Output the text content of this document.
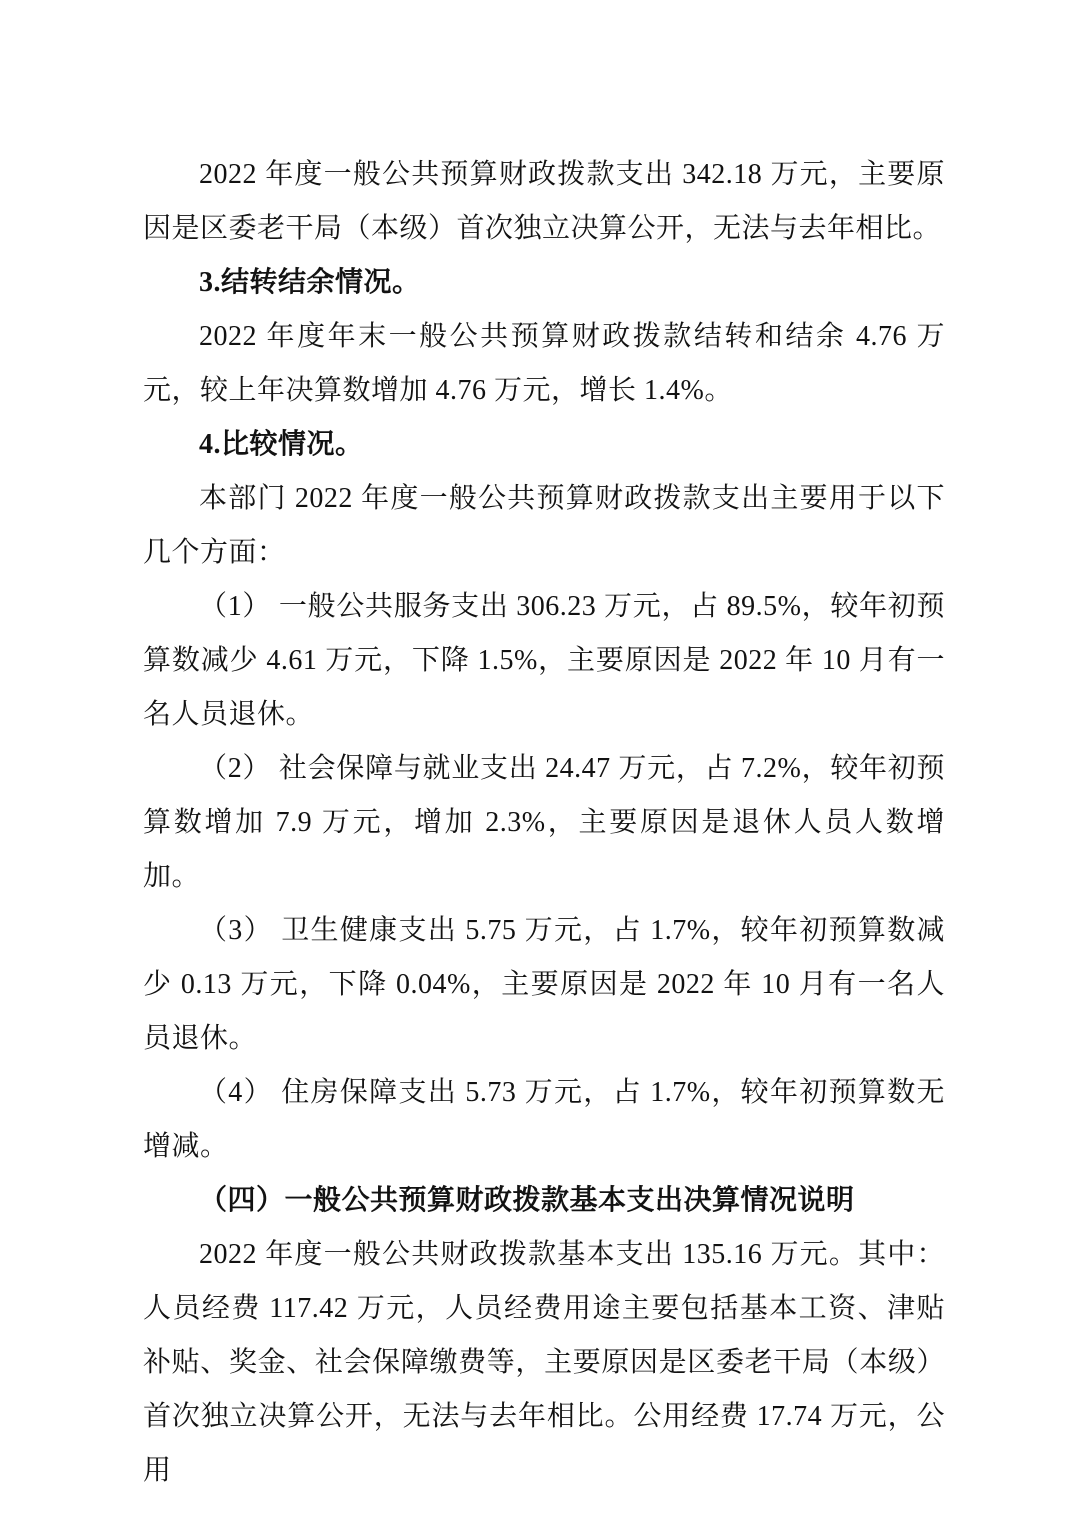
2022 年度一般公共预算财政拨款支出 342.18 万元，主要原因是区委老干局（本级）首次独立决算公开，无法与去年相比。

3.结转结余情况。

2022 年度年末一般公共预算财政拨款结转和结余 4.76 万元，较上年决算数增加 4.76 万元，增长 1.4%。

4.比较情况。

本部门 2022 年度一般公共预算财政拨款支出主要用于以下几个方面：

（1） 一般公共服务支出 306.23 万元，占 89.5%，较年初预算数减少 4.61 万元，下降 1.5%，主要原因是 2022 年 10 月有一名人员退休。

（2） 社会保障与就业支出 24.47 万元，占 7.2%，较年初预算数增加 7.9 万元，增加 2.3%，主要原因是退休人员人数增加。

（3） 卫生健康支出 5.75 万元，占 1.7%，较年初预算数减少 0.13 万元，下降 0.04%，主要原因是 2022 年 10 月有一名人员退休。

（4） 住房保障支出 5.73 万元，占 1.7%，较年初预算数无增减。

（四）一般公共预算财政拨款基本支出决算情况说明

2022 年度一般公共财政拨款基本支出 135.16 万元。其中：人员经费 117.42 万元，人员经费用途主要包括基本工资、津贴补贴、奖金、社会保障缴费等，主要原因是区委老干局（本级）首次独立决算公开，无法与去年相比。公用经费 17.74 万元，公用
